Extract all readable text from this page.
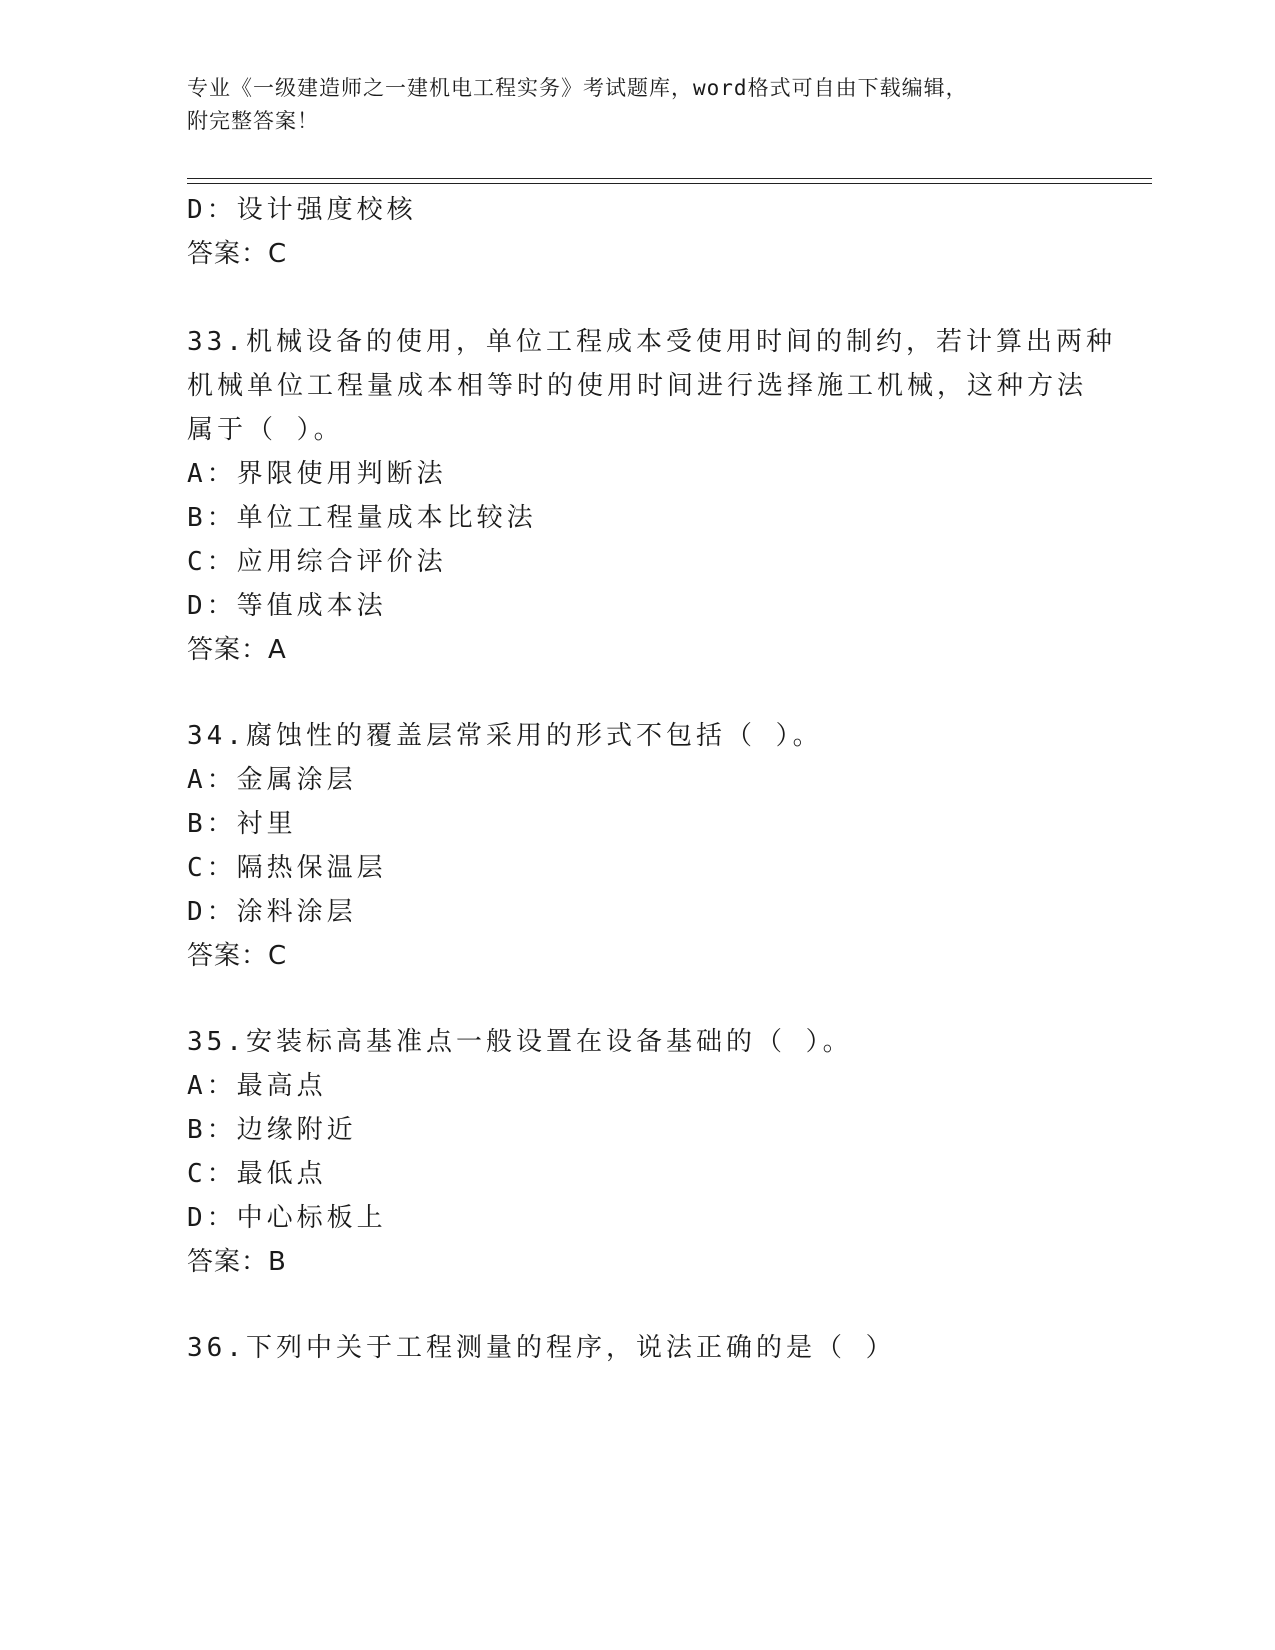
专业《一级建造师之一建机电工程实务》考试题库，word格式可自由下载编辑，
附完整答案！
D：设计强度校核
答案：C
33.机械设备的使用，单位工程成本受使用时间的制约，若计算出两种
机械单位工程量成本相等时的使用时间进行选择施工机械，这种方法
属于（ ）。
A：界限使用判断法
B：单位工程量成本比较法
C：应用综合评价法
D：等值成本法
答案：A
34.腐蚀性的覆盖层常采用的形式不包括（ ）。
A：金属涂层
B：衬里
C：隔热保温层
D：涂料涂层
答案：C
35.安装标高基准点一般设置在设备基础的（ ）。
A：最高点
B：边缘附近
C：最低点
D：中心标板上
答案：B
36.下列中关于工程测量的程序，说法正确的是（ ）
